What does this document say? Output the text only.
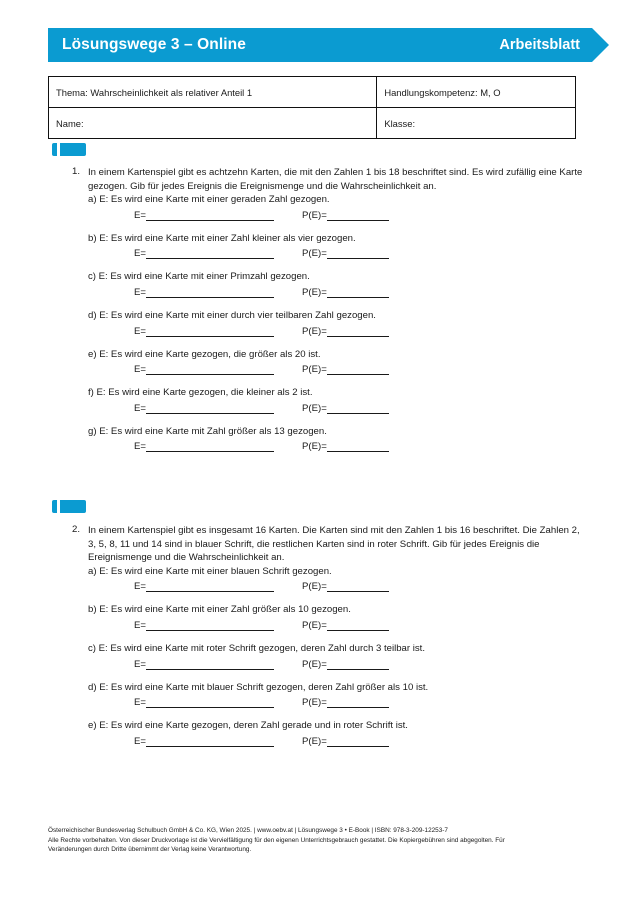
Lösungswege 3 – Online	Arbeitsblatt
Thema: Wahrscheinlichkeit als relativer Anteil 1	Handlungskompetenz: M, O
Name:	Klasse:
1. In einem Kartenspiel gibt es achtzehn Karten, die mit den Zahlen 1 bis 18 beschriftet sind. Es wird zufällig eine Karte gezogen. Gib für jedes Ereignis die Ereignismenge und die Wahrscheinlichkeit an.
a) E: Es wird eine Karte mit einer geraden Zahl gezogen.
E=	P(E)=
b) E: Es wird eine Karte mit einer Zahl kleiner als vier gezogen.
E=	P(E)=
c) E: Es wird eine Karte mit einer Primzahl gezogen.
E=	P(E)=
d) E: Es wird eine Karte mit einer durch vier teilbaren Zahl gezogen.
E=	P(E)=
e) E: Es wird eine Karte gezogen, die größer als 20 ist.
E=	P(E)=
f) E: Es wird eine Karte gezogen, die kleiner als 2 ist.
E=	P(E)=
g) E: Es wird eine Karte mit Zahl größer als 13 gezogen.
E=	P(E)=
2. In einem Kartenspiel gibt es insgesamt 16 Karten. Die Karten sind mit den Zahlen 1 bis 16 beschriftet. Die Zahlen 2, 3, 5, 8, 11 und 14 sind in blauer Schrift, die restlichen Karten sind in roter Schrift. Gib für jedes Ereignis die Ereignismenge und die Wahrscheinlichkeit an.
a) E: Es wird eine Karte mit einer blauen Schrift gezogen.
E=	P(E)=
b) E: Es wird eine Karte mit einer Zahl größer als 10 gezogen.
E=	P(E)=
c) E: Es wird eine Karte mit roter Schrift gezogen, deren Zahl durch 3 teilbar ist.
E=	P(E)=
d) E: Es wird eine Karte mit blauer Schrift gezogen, deren Zahl größer als 10 ist.
E=	P(E)=
e) E: Es wird eine Karte gezogen, deren Zahl gerade und in roter Schrift ist.
E=	P(E)=
Österreichischer Bundesverlag Schulbuch GmbH & Co. KG, Wien 2025. | www.oebv.at | Lösungswege 3 • E-Book | ISBN: 978-3-209-12253-7
Alle Rechte vorbehalten. Von dieser Druckvorlage ist die Vervielfältigung für den eigenen Unterrichtsgebrauch gestattet. Die Kopiergebühren sind abgegolten. Für
Veränderungen durch Dritte übernimmt der Verlag keine Verantwortung.
